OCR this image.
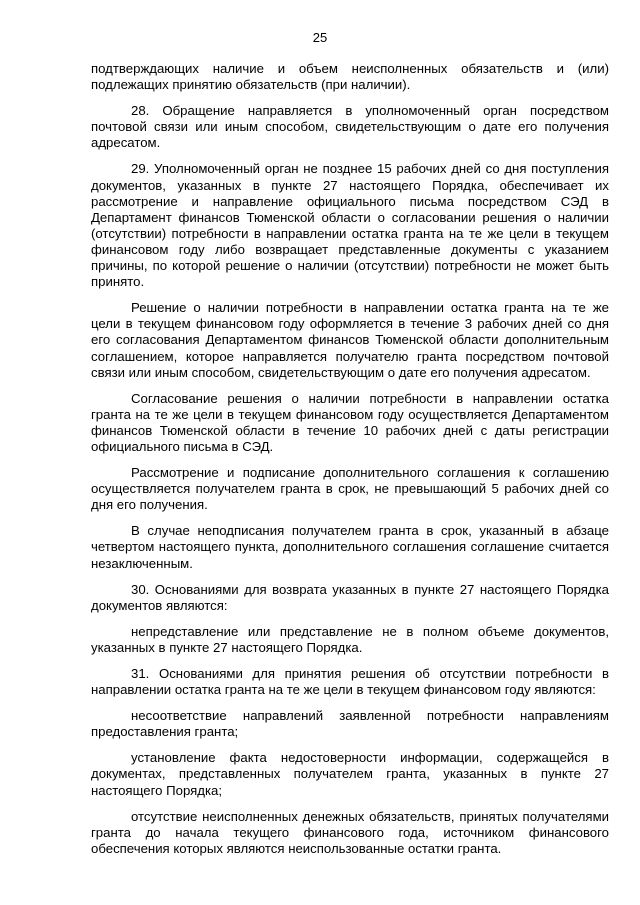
25

подтверждающих наличие и объем неисполненных обязательств и (или) подлежащих принятию обязательств (при наличии).

28. Обращение направляется в уполномоченный орган посредством почтовой связи или иным способом, свидетельствующим о дате его получения адресатом.

29. Уполномоченный орган не позднее 15 рабочих дней со дня поступления документов, указанных в пункте 27 настоящего Порядка, обеспечивает их рассмотрение и направление официального письма посредством СЭД в Департамент финансов Тюменской области о согласовании решения о наличии (отсутствии) потребности в направлении остатка гранта на те же цели в текущем финансовом году либо возвращает представленные документы с указанием причины, по которой решение о наличии (отсутствии) потребности не может быть принято.

Решение о наличии потребности в направлении остатка гранта на те же цели в текущем финансовом году оформляется в течение 3 рабочих дней со дня его согласования Департаментом финансов Тюменской области дополнительным соглашением, которое направляется получателю гранта посредством почтовой связи или иным способом, свидетельствующим о дате его получения адресатом.

Согласование решения о наличии потребности в направлении остатка гранта на те же цели в текущем финансовом году осуществляется Департаментом финансов Тюменской области в течение 10 рабочих дней с даты регистрации официального письма в СЭД.

Рассмотрение и подписание дополнительного соглашения к соглашению осуществляется получателем гранта в срок, не превышающий 5 рабочих дней со дня его получения.

В случае неподписания получателем гранта в срок, указанный в абзаце четвертом настоящего пункта, дополнительного соглашения соглашение считается незаключенным.

30. Основаниями для возврата указанных в пункте 27 настоящего Порядка документов являются:

непредставление или представление не в полном объеме документов, указанных в пункте 27 настоящего Порядка.

31. Основаниями для принятия решения об отсутствии потребности в направлении остатка гранта на те же цели в текущем финансовом году являются:

несоответствие направлений заявленной потребности направлениям предоставления гранта;

установление факта недостоверности информации, содержащейся в документах, представленных получателем гранта, указанных в пункте 27 настоящего Порядка;

отсутствие неисполненных денежных обязательств, принятых получателями гранта до начала текущего финансового года, источником финансового обеспечения которых являются неиспользованные остатки гранта.
